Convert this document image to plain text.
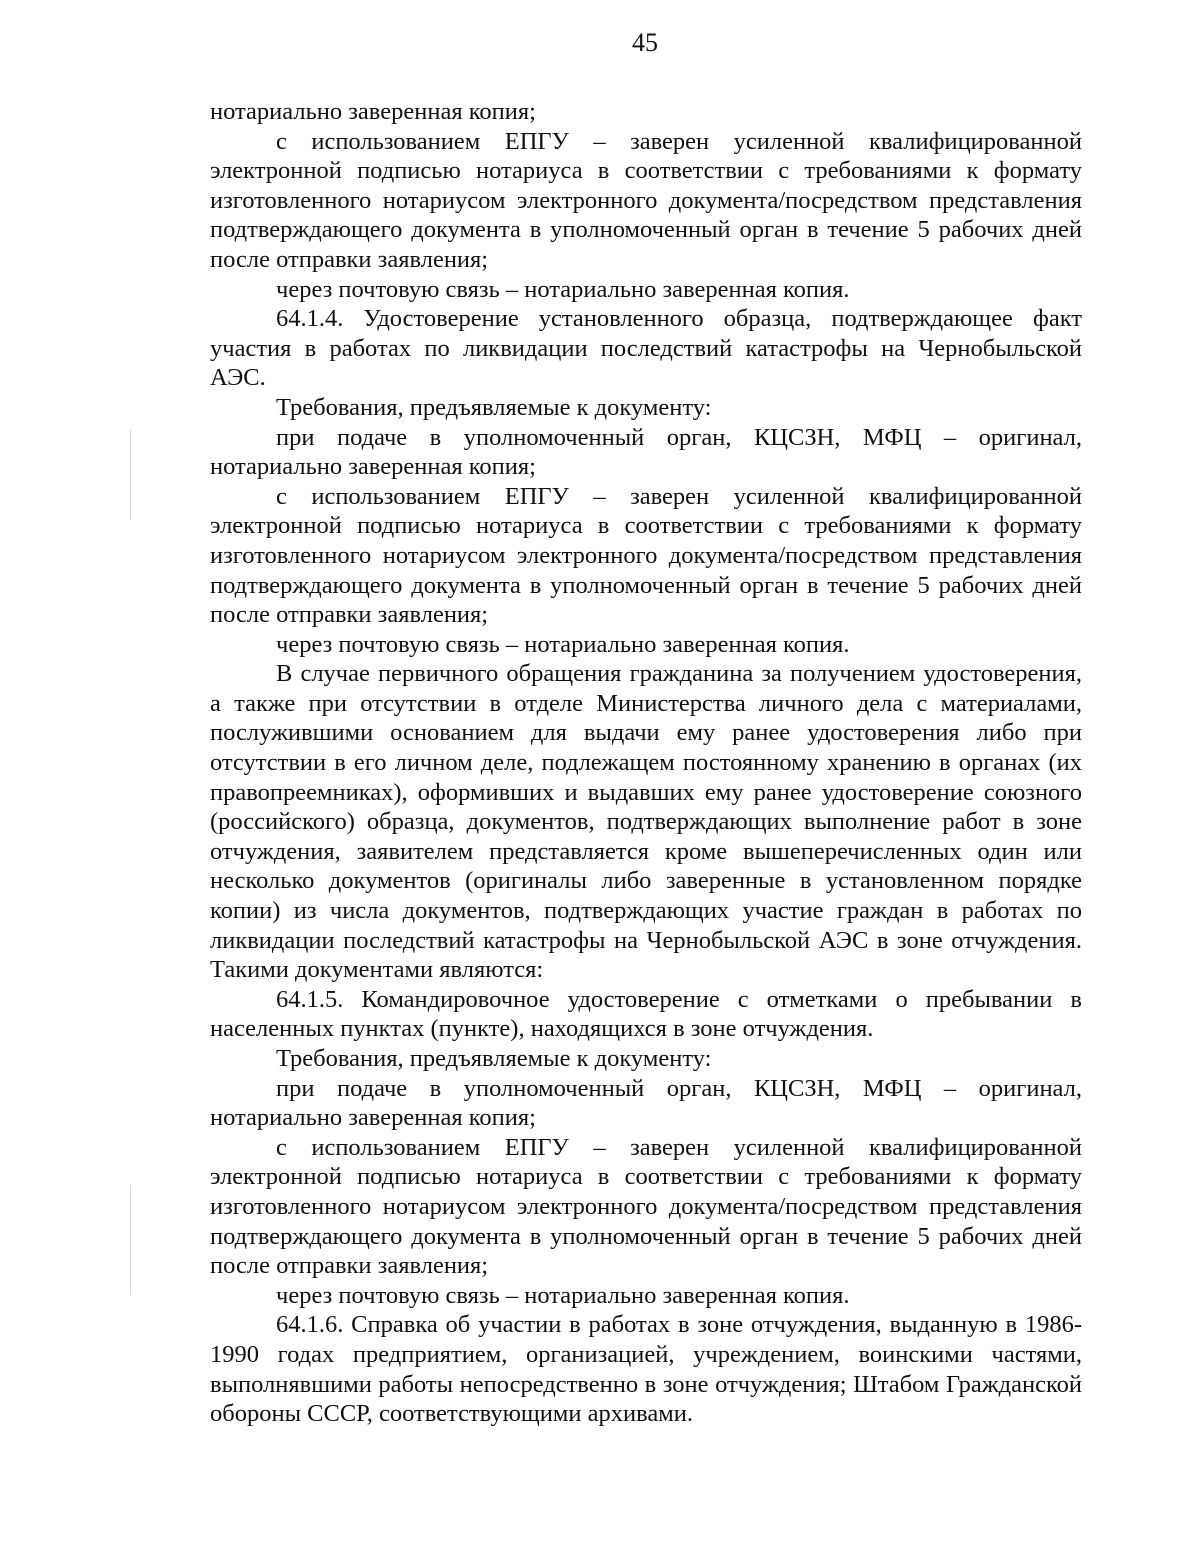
45

нотариально заверенная копия;

с использованием ЕПГУ – заверен усиленной квалифицированной электронной подписью нотариуса в соответствии с требованиями к формату изготовленного нотариусом электронного документа/посредством представления подтверждающего документа в уполномоченный орган в течение 5 рабочих дней после отправки заявления;

через почтовую связь – нотариально заверенная копия.

64.1.4. Удостоверение установленного образца, подтверждающее факт участия в работах по ликвидации последствий катастрофы на Чернобыльской АЭС.

Требования, предъявляемые к документу:

при подаче в уполномоченный орган, КЦСЗН, МФЦ – оригинал, нотариально заверенная копия;

с использованием ЕПГУ – заверен усиленной квалифицированной электронной подписью нотариуса в соответствии с требованиями к формату изготовленного нотариусом электронного документа/посредством представления подтверждающего документа в уполномоченный орган в течение 5 рабочих дней после отправки заявления;

через почтовую связь – нотариально заверенная копия.

В случае первичного обращения гражданина за получением удостоверения, а также при отсутствии в отделе Министерства личного дела с материалами, послужившими основанием для выдачи ему ранее удостоверения либо при отсутствии в его личном деле, подлежащем постоянному хранению в органах (их правопреемниках), оформивших и выдавших ему ранее удостоверение союзного (российского) образца, документов, подтверждающих выполнение работ в зоне отчуждения, заявителем представляется кроме вышеперечисленных один или несколько документов (оригиналы либо заверенные в установленном порядке копии) из числа документов, подтверждающих участие граждан в работах по ликвидации последствий катастрофы на Чернобыльской АЭС в зоне отчуждения. Такими документами являются:

64.1.5. Командировочное удостоверение с отметками о пребывании в населенных пунктах (пункте), находящихся в зоне отчуждения.

Требования, предъявляемые к документу:

при подаче в уполномоченный орган, КЦСЗН, МФЦ – оригинал, нотариально заверенная копия;

с использованием ЕПГУ – заверен усиленной квалифицированной электронной подписью нотариуса в соответствии с требованиями к формату изготовленного нотариусом электронного документа/посредством представления подтверждающего документа в уполномоченный орган в течение 5 рабочих дней после отправки заявления;

через почтовую связь – нотариально заверенная копия.

64.1.6. Справка об участии в работах в зоне отчуждения, выданную в 1986-1990 годах предприятием, организацией, учреждением, воинскими частями, выполнявшими работы непосредственно в зоне отчуждения; Штабом Гражданской обороны СССР, соответствующими архивами.
